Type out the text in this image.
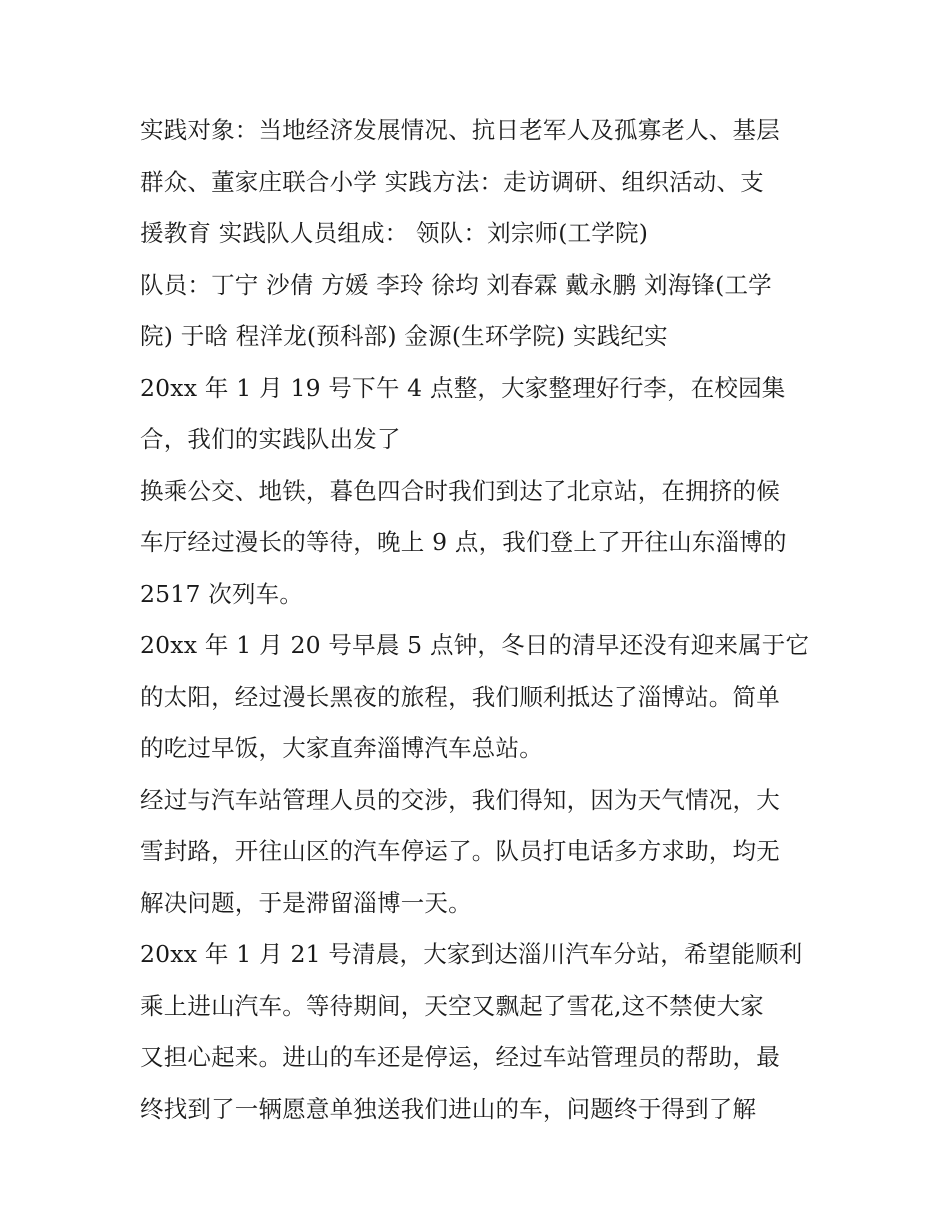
实践对象：当地经济发展情况、抗日老军人及孤寡老人、基层
群众、董家庄联合小学 实践方法：走访调研、组织活动、支
援教育 实践队人员组成： 领队：刘宗师(工学院)
队员：丁宁 沙倩 方媛 李玲 徐均 刘春霖 戴永鹏 刘海锋(工学
院) 于晗 程洋龙(预科部) 金源(生环学院) 实践纪实
20xx 年 1 月 19 号下午 4 点整，大家整理好行李，在校园集
合，我们的实践队出发了
换乘公交、地铁，暮色四合时我们到达了北京站，在拥挤的候
车厅经过漫长的等待，晚上 9 点，我们登上了开往山东淄博的
2517 次列车。
20xx 年 1 月 20 号早晨 5 点钟，冬日的清早还没有迎来属于它
的太阳，经过漫长黑夜的旅程，我们顺利抵达了淄博站。简单
的吃过早饭，大家直奔淄博汽车总站。
经过与汽车站管理人员的交涉，我们得知，因为天气情况，大
雪封路，开往山区的汽车停运了。队员打电话多方求助，均无
解决问题，于是滞留淄博一天。
20xx 年 1 月 21 号清晨，大家到达淄川汽车分站，希望能顺利
乘上进山汽车。等待期间，天空又飘起了雪花,这不禁使大家
又担心起来。进山的车还是停运，经过车站管理员的帮助，最
终找到了一辆愿意单独送我们进山的车，问题终于得到了解
